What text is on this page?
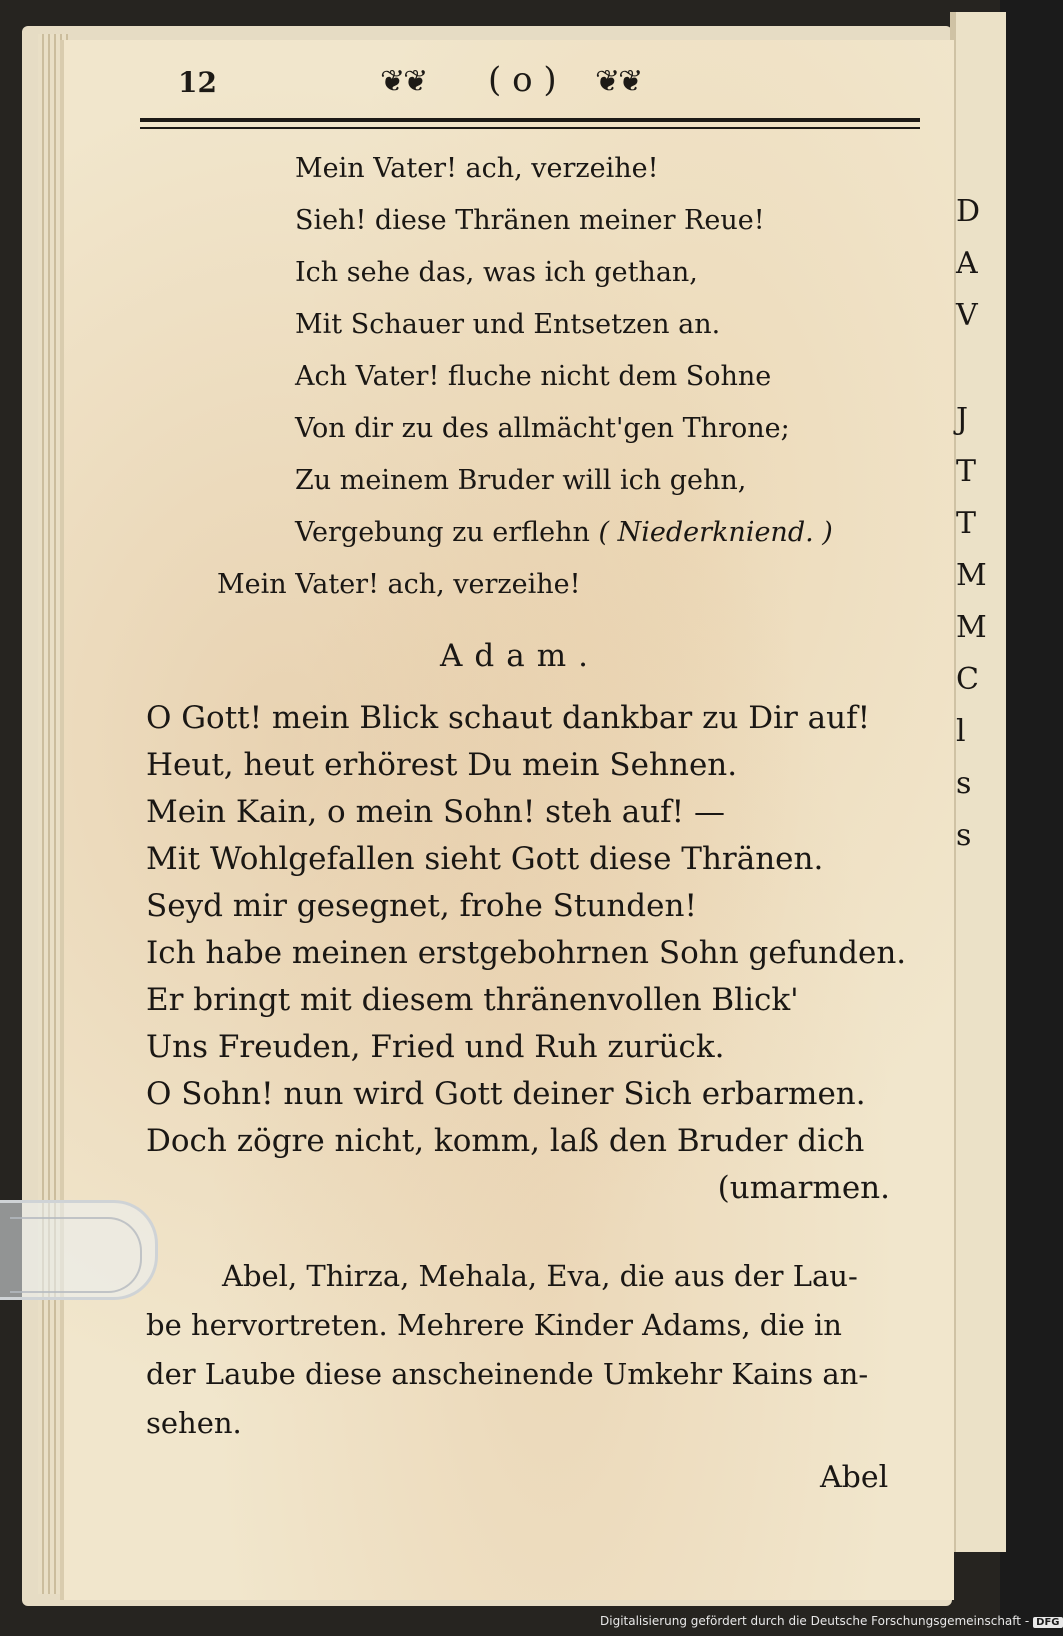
12	❦❦ ( o ) ❦❦
Mein Vater! ach, verzeihe!
Sieh! diese Thränen meiner Reue!
Ich sehe das, was ich gethan,
Mit Schauer und Entsetzen an.
Ach Vater! fluche nicht dem Sohne
Von dir zu des allmächt'gen Throne;
Zu meinem Bruder will ich gehn,
Vergebung zu erflehn ( Niederkniend. )
Mein Vater! ach, verzeihe!
Adam.
O Gott! mein Blick schaut dankbar zu Dir auf!
Heut, heut erhörest Du mein Sehnen.
Mein Kain, o mein Sohn! steh auf! —
Mit Wohlgefallen sieht Gott diese Thränen.
Seyd mir gesegnet, frohe Stunden!
Ich habe meinen erstgebohrnen Sohn gefunden.
Er bringt mit diesem thränenvollen Blick'
Uns Freuden, Fried und Ruh zurück.
O Sohn! nun wird Gott deiner Sich erbarmen.
Doch zögre nicht, komm, laß den Bruder dich
(umarmen.
Abel, Thirza, Mehala, Eva, die aus der Lau-
be hervortreten. Mehrere Kinder Adams, die in
der Laube diese anscheinende Umkehr Kains an-
sehen.
Abel
D
A
V
J
T
T
M
M
C
l
s
s
Digitalisierung gefördert durch die Deutsche Forschungsgemeinschaft - DFG
